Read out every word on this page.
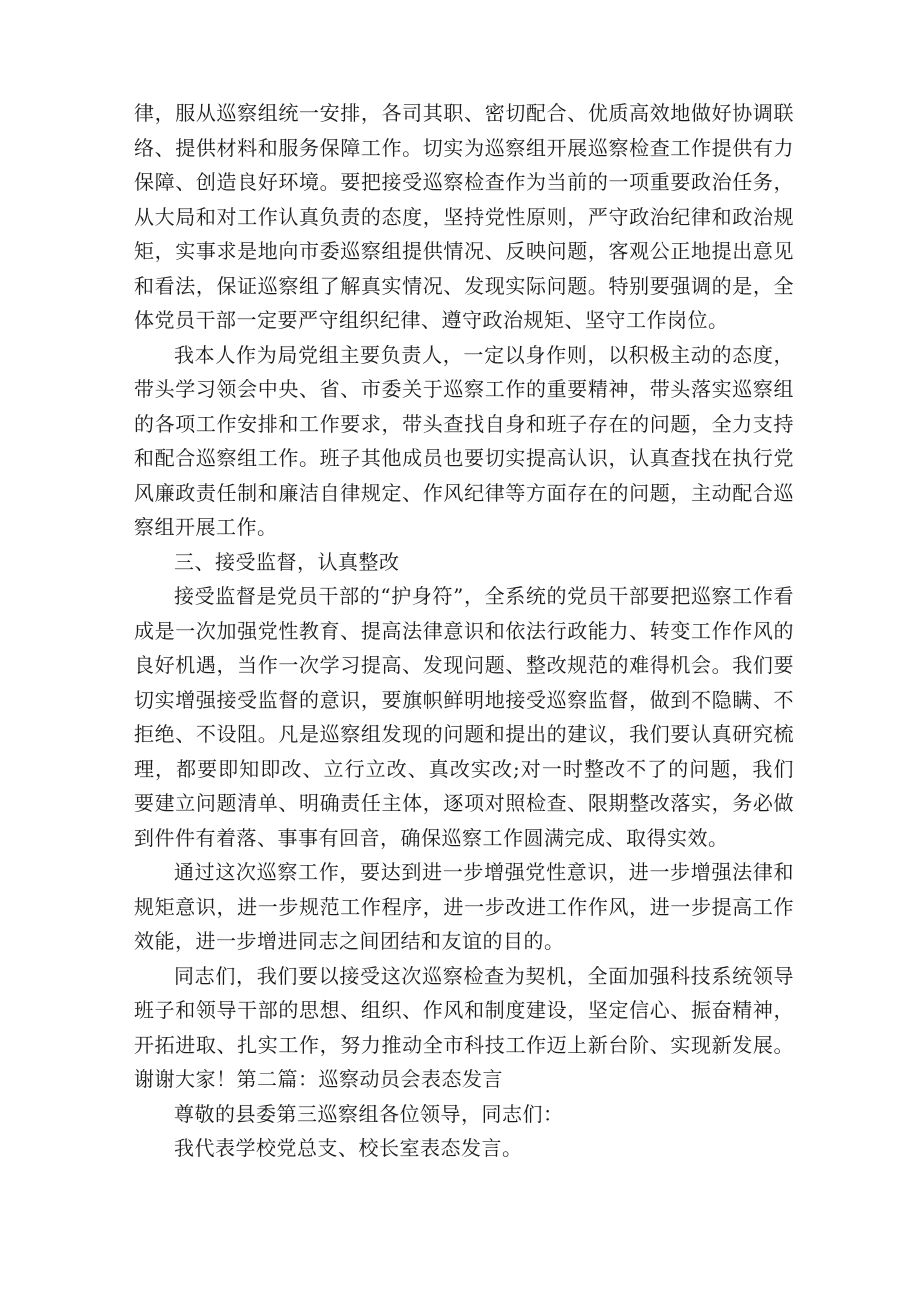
律，服从巡察组统一安排，各司其职、密切配合、优质高效地做好协调联络、提供材料和服务保障工作。切实为巡察组开展巡察检查工作提供有力保障、创造良好环境。要把接受巡察检查作为当前的一项重要政治任务，从大局和对工作认真负责的态度，坚持党性原则，严守政治纪律和政治规矩，实事求是地向市委巡察组提供情况、反映问题，客观公正地提出意见和看法，保证巡察组了解真实情况、发现实际问题。特别要强调的是，全体党员干部一定要严守组织纪律、遵守政治规矩、坚守工作岗位。

我本人作为局党组主要负责人，一定以身作则，以积极主动的态度，带头学习领会中央、省、市委关于巡察工作的重要精神，带头落实巡察组的各项工作安排和工作要求，带头查找自身和班子存在的问题，全力支持和配合巡察组工作。班子其他成员也要切实提高认识，认真查找在执行党风廉政责任制和廉洁自律规定、作风纪律等方面存在的问题，主动配合巡察组开展工作。

三、接受监督，认真整改

接受监督是党员干部的“护身符”，全系统的党员干部要把巡察工作看成是一次加强党性教育、提高法律意识和依法行政能力、转变工作作风的良好机遇，当作一次学习提高、发现问题、整改规范的难得机会。我们要切实增强接受监督的意识，要旗帜鲜明地接受巡察监督，做到不隐瞒、不拒绝、不设阻。凡是巡察组发现的问题和提出的建议，我们要认真研究梳理，都要即知即改、立行立改、真改实改;对一时整改不了的问题，我们要建立问题清单、明确责任主体，逐项对照检查、限期整改落实，务必做到件件有着落、事事有回音，确保巡察工作圆满完成、取得实效。

通过这次巡察工作，要达到进一步增强党性意识，进一步增强法律和规矩意识，进一步规范工作程序，进一步改进工作作风，进一步提高工作效能，进一步增进同志之间团结和友谊的目的。

同志们，我们要以接受这次巡察检查为契机，全面加强科技系统领导班子和领导干部的思想、组织、作风和制度建设，坚定信心、振奋精神，开拓进取、扎实工作，努力推动全市科技工作迈上新台阶、实现新发展。谢谢大家！第二篇：巡察动员会表态发言

尊敬的县委第三巡察组各位领导，同志们：

我代表学校党总支、校长室表态发言。
